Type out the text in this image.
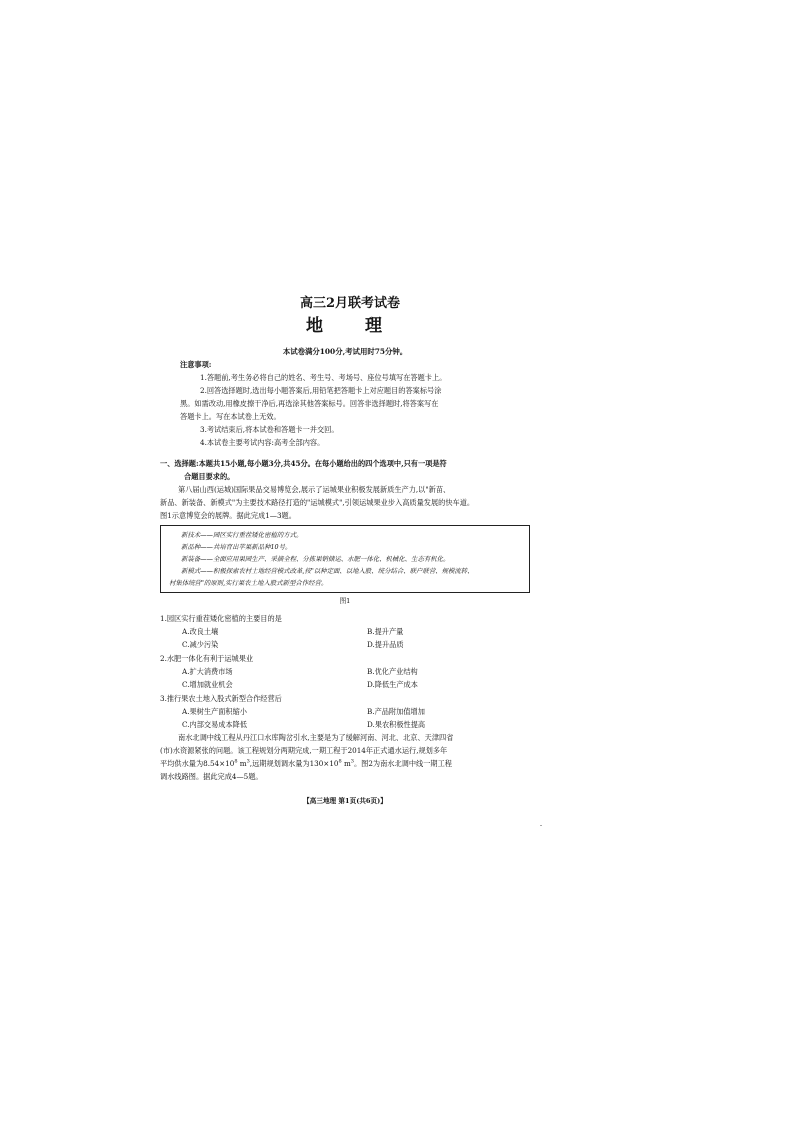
高三2月联考试卷
地理
本试卷满分100分,考试用时75分钟。
注意事项:
1.答题前,考生务必将自己的姓名、考生号、考场号、座位号填写在答题卡上。
2.回答选择题时,选出每小题答案后,用铅笔把答题卡上对应题目的答案标号涂
黑。如需改动,用橡皮擦干净后,再选涂其他答案标号。回答非选择题时,将答案写在
答题卡上。写在本试卷上无效。
3.考试结束后,将本试卷和答题卡一并交回。
4.本试卷主要考试内容:高考全部内容。
一、选择题:本题共15小题,每小题3分,共45分。在每小题给出的四个选项中,只有一项是符
合题目要求的。
第八届山西(运城)国际果品交易博览会,展示了运城果业积极发展新质生产力,以"新苗、
新品、新装备、新模式"为主要技术路径打造的"运城模式",引领运城果业步入高质量发展的快车道。
图1示意博览会的展牌。据此完成1—3题。
新技术——园区实行重茬矮化密植的方式。
新品种——共培育出苹果新品种10号。
新装备——全面应用果园生产、采摘全程、分拣果销储运、水肥一体化、机械化、生态有机化。
新模式——积极探索农村土地经营模式改革,按"以种定面、以地入股、统分结合、联户联营、规模流转、
村集体统营"的原则,实行果农土地入股式新型合作经营。
图1
1.园区实行重茬矮化密植的主要目的是
A.改良土壤	B.提升产量
C.减少污染	D.提升品质
2.水肥一体化有利于运城果业
A.扩大消费市场	B.优化产业结构
C.增加就业机会	D.降低生产成本
3.推行果农土地入股式新型合作经营后
A.果树生产面积缩小	B.产品附加值增加
C.内部交易成本降低	D.果农积极性提高
南水北调中线工程从丹江口水库陶岔引水,主要是为了缓解河南、河北、北京、天津四省
(市)水资源紧张的问题。该工程规划分两期完成,一期工程于2014年正式通水运行,规划多年
平均供水量为$8.54\times 10^8$ $m^3$,远期规划调水量为$130\times 10^8$ $m^3$。图2为南水北调中线一期工程
调水线路图。据此完成4—5题。
【高三地理 第1页(共6页)】
-
